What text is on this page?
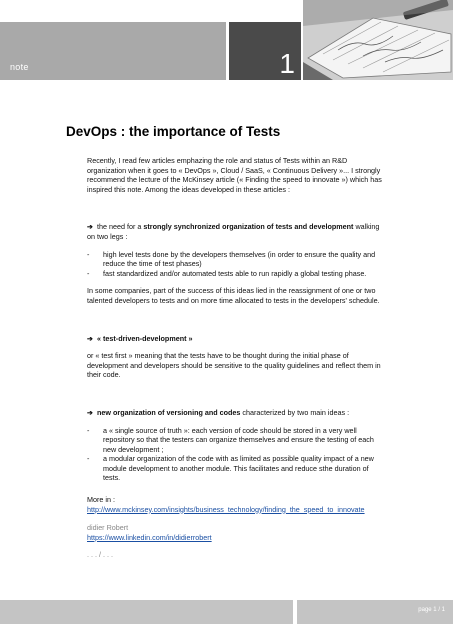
note	1
DevOps : the importance of Tests

Recently, I read few articles emphazing the role and status of Tests within an R&D organization when it goes to « DevOps », Cloud / SaaS, « Continuous Delivery »... I strongly recommend the lecture of the McKinsey article (« Finding the speed to innovate ») which has inspired this note. Among the ideas developed in these articles :

➔ the need for a strongly synchronized organization of tests and development walking on two legs :

- high level tests done by the developers themselves (in order to ensure the quality and reduce the time of test phases)
- fast standardized and/or automated tests able to run rapidly a global testing phase.

In some companies, part of the success of this ideas lied in the reassignment of one or two talented developers to tests and on more time allocated to tests in the developers' schedule.

➔ « test-driven-development »

or « test first » meaning that the tests have to be thought during the initial phase of development and developers should be sensitive to the quality guidelines and reflect them in their code.

➔ new organization of versioning and codes characterized by two main ideas :

- a « single source of truth »: each version of code should be stored in a very well repository so that the testers can organize themselves and ensure the testing of each new development ;
- a modular organization of the code with as limited as possible quality impact of a new module development to another module. This facilitates and reduce sthe duration of tests.

More in :

http://www.mckinsey.com/insights/business_technology/finding_the_speed_to_innovate

didier Robert

https://www.linkedin.com/in/didierrobert

. . . / . . .

page 1 / 1
